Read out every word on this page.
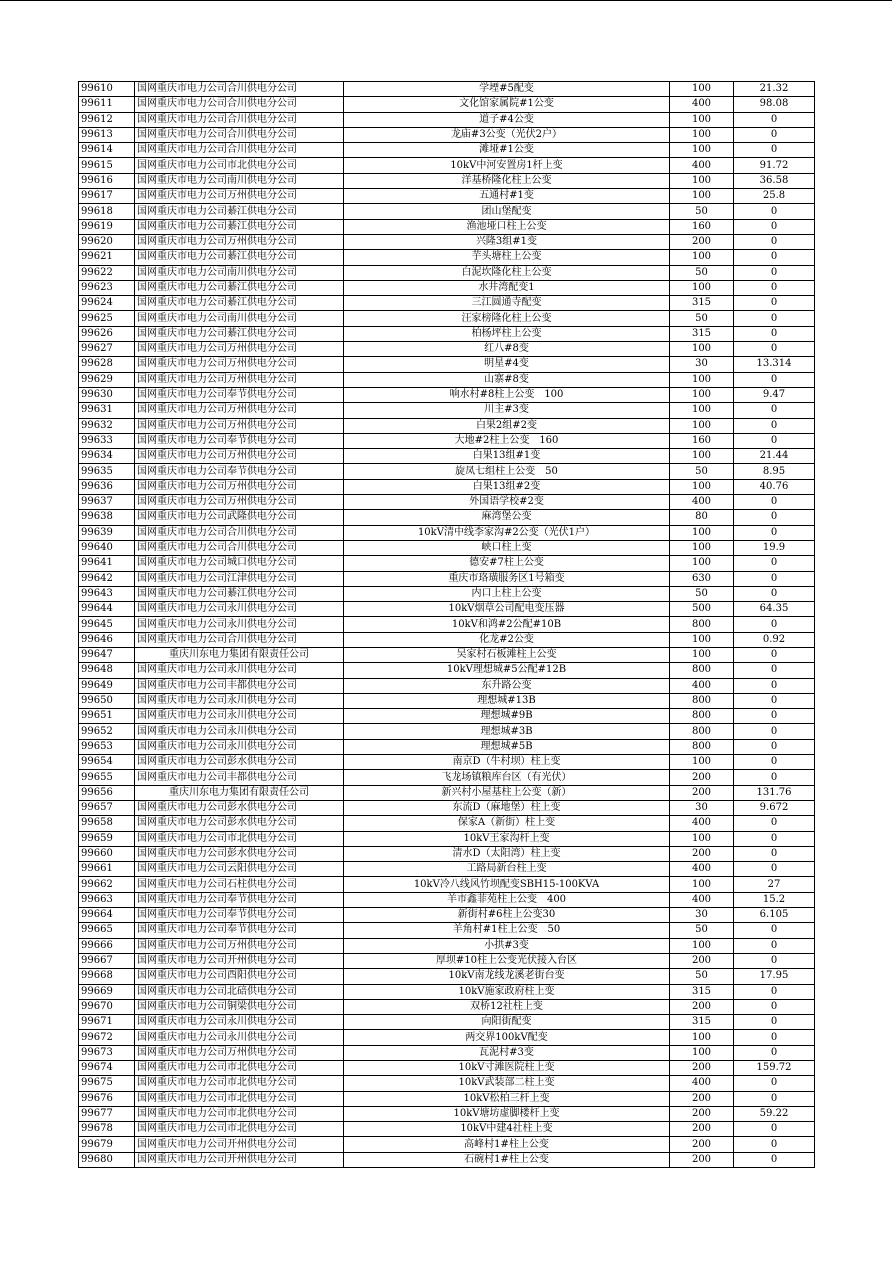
99610	国网重庆市电力公司合川供电分公司	学堙#5配变	100	21.32
99611	国网重庆市电力公司合川供电分公司	文化馆家属院#1公变	400	98.08
99612	国网重庆市电力公司合川供电分公司	道子#4公变	100	0
99613	国网重庆市电力公司合川供电分公司	龙庙#3公变（光伏2户）	100	0
99614	国网重庆市电力公司合川供电分公司	滩垭#1公变	100	0
99615	国网重庆市电力公司市北供电分公司	10kV中河安置房1杆上变	400	91.72
99616	国网重庆市电力公司南川供电分公司	洋基桥隆化柱上公变	100	36.58
99617	国网重庆市电力公司万州供电分公司	五通村#1变	100	25.8
99618	国网重庆市电力公司綦江供电分公司	团山堡配变	50	0
99619	国网重庆市电力公司綦江供电分公司	渔池垭口柱上公变	160	0
99620	国网重庆市电力公司万州供电分公司	兴隆3组#1变	200	0
99621	国网重庆市电力公司綦江供电分公司	芋头塘柱上公变	100	0
99622	国网重庆市电力公司南川供电分公司	白泥坎隆化柱上公变	50	0
99623	国网重庆市电力公司綦江供电分公司	水井湾配变1	100	0
99624	国网重庆市电力公司綦江供电分公司	三江圆通寺配变	315	0
99625	国网重庆市电力公司南川供电分公司	汪家榜隆化柱上公变	50	0
99626	国网重庆市电力公司綦江供电分公司	柏杨坪柱上公变	315	0
99627	国网重庆市电力公司万州供电分公司	红八#8变	100	0
99628	国网重庆市电力公司万州供电分公司	明星#4变	30	13.314
99629	国网重庆市电力公司万州供电分公司	山寨#8变	100	0
99630	国网重庆市电力公司奉节供电分公司	响水村#8柱上公变　100	100	9.47
99631	国网重庆市电力公司万州供电分公司	川主#3变	100	0
99632	国网重庆市电力公司万州供电分公司	白果2组#2变	100	0
99633	国网重庆市电力公司奉节供电分公司	大地#2柱上公变　160	160	0
99634	国网重庆市电力公司万州供电分公司	白果13组#1变	100	21.44
99635	国网重庆市电力公司奉节供电分公司	旋凤七组柱上公变　50	50	8.95
99636	国网重庆市电力公司万州供电分公司	白果13组#2变	100	40.76
99637	国网重庆市电力公司万州供电分公司	外国语学校#2变	400	0
99638	国网重庆市电力公司武隆供电分公司	麻湾堡公变	80	0
99639	国网重庆市电力公司合川供电分公司	10kV清中线李家沟#2公变（光伏1户）	100	0
99640	国网重庆市电力公司合川供电分公司	峡口柱上变	100	19.9
99641	国网重庆市电力公司城口供电分公司	德安#7柱上公变	100	0
99642	国网重庆市电力公司江津供电分公司	重庆市珞璜服务区1号箱变	630	0
99643	国网重庆市电力公司綦江供电分公司	内口上柱上公变	50	0
99644	国网重庆市电力公司永川供电分公司	10kV烟草公司配电变压器	500	64.35
99645	国网重庆市电力公司永川供电分公司	10kV和鸿#2公配#10B	800	0
99646	国网重庆市电力公司合川供电分公司	化龙#2公变	100	0.92
99647	重庆川东电力集团有限责任公司	吴家村石板滩柱上公变	100	0
99648	国网重庆市电力公司永川供电分公司	10kV理想城#5公配#12B	800	0
99649	国网重庆市电力公司丰都供电分公司	东升路公变	400	0
99650	国网重庆市电力公司永川供电分公司	理想城#13B	800	0
99651	国网重庆市电力公司永川供电分公司	理想城#9B	800	0
99652	国网重庆市电力公司永川供电分公司	理想城#3B	800	0
99653	国网重庆市电力公司永川供电分公司	理想城#5B	800	0
99654	国网重庆市电力公司彭水供电分公司	南京D（牛村坝）柱上变	100	0
99655	国网重庆市电力公司丰都供电分公司	飞龙场镇粮库台区（有光伏）	200	0
99656	重庆川东电力集团有限责任公司	新兴村小屋基柱上公变（新）	200	131.76
99657	国网重庆市电力公司彭水供电分公司	东流D（麻地堡）柱上变	30	9.672
99658	国网重庆市电力公司彭水供电分公司	保家A（新街）柱上变	400	0
99659	国网重庆市电力公司市北供电分公司	10kV王家沟杆上变	100	0
99660	国网重庆市电力公司彭水供电分公司	清水D（太阳湾）柱上变	200	0
99661	国网重庆市电力公司云阳供电分公司	工路局新台柱上变	400	0
99662	国网重庆市电力公司石柱供电分公司	10kV冷八线风竹坝配变SBH15-100KVA	100	27
99663	国网重庆市电力公司奉节供电分公司	羊市鑫菲苑柱上公变　400	400	15.2
99664	国网重庆市电力公司奉节供电分公司	新街村#6柱上公变30	30	6.105
99665	国网重庆市电力公司奉节供电分公司	羊角村#1柱上公变　50	50	0
99666	国网重庆市电力公司万州供电分公司	小拱#3变	100	0
99667	国网重庆市电力公司开州供电分公司	厚坝#10柱上公变光伏接入台区	200	0
99668	国网重庆市电力公司酉阳供电分公司	10kV南龙线龙溪老街台变	50	17.95
99669	国网重庆市电力公司北碚供电分公司	10kV施家政府柱上变	315	0
99670	国网重庆市电力公司铜梁供电分公司	双桥12社柱上变	200	0
99671	国网重庆市电力公司永川供电分公司	向阳街配变	315	0
99672	国网重庆市电力公司永川供电分公司	两交界100kV配变	100	0
99673	国网重庆市电力公司万州供电分公司	瓦泥村#3变	100	0
99674	国网重庆市电力公司市北供电分公司	10kV寸滩医院柱上变	200	159.72
99675	国网重庆市电力公司市北供电分公司	10kV武装部二柱上变	400	0
99676	国网重庆市电力公司市北供电分公司	10kV松柏三杆上变	200	0
99677	国网重庆市电力公司市北供电分公司	10kV塘坊虚脚楼杆上变	200	59.22
99678	国网重庆市电力公司市北供电分公司	10kV中建4社柱上变	200	0
99679	国网重庆市电力公司开州供电分公司	高峰村1#柱上公变	200	0
99680	国网重庆市电力公司开州供电分公司	石碗村1#柱上公变	200	0
